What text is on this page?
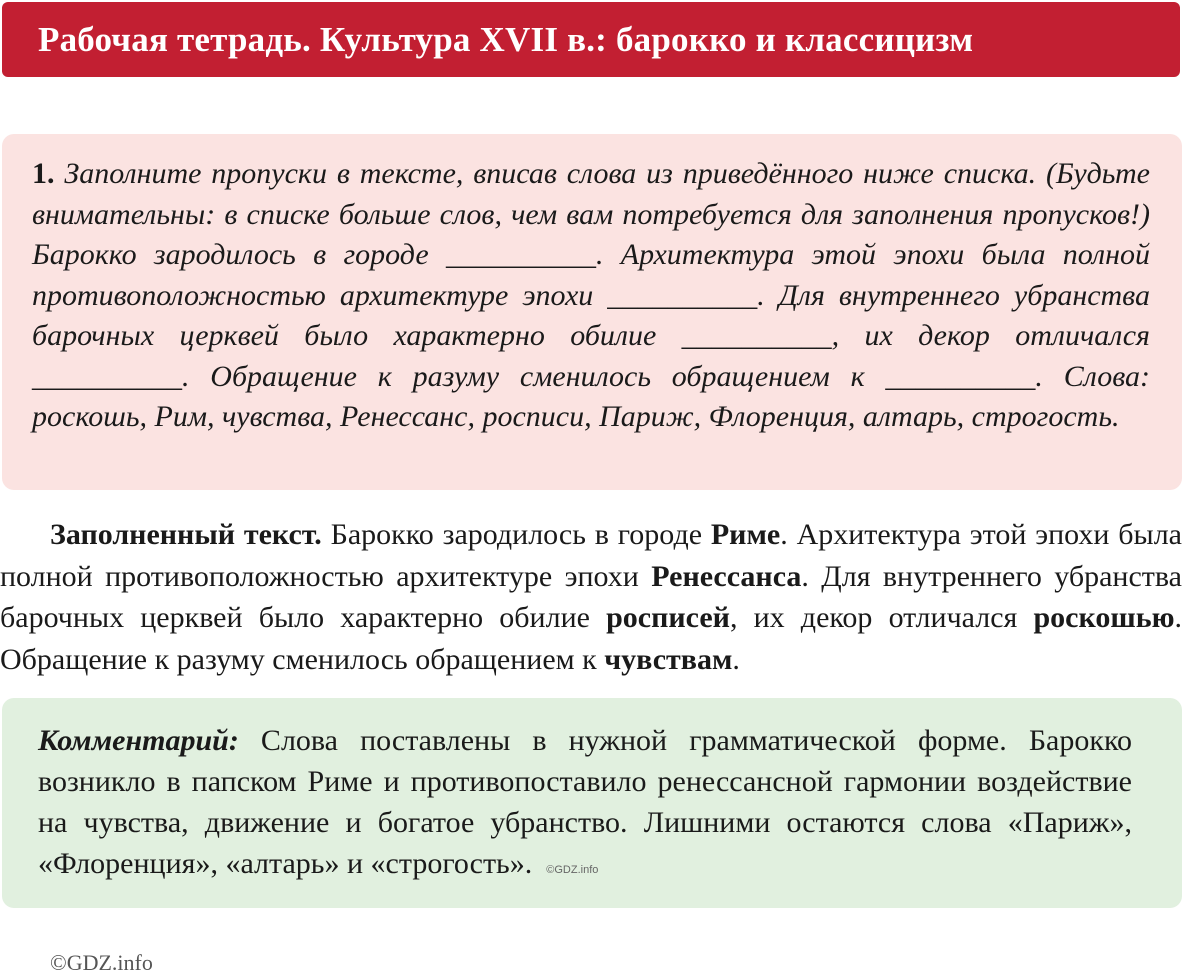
Рабочая тетрадь. Культура XVII в.: барокко и классицизм

1. Заполните пропуски в тексте, вписав слова из приведённого ниже списка. (Будьте внимательны: в списке больше слов, чем вам потребуется для заполнения пропусков!) Барокко зародилось в городе __________. Архитектура этой эпохи была полной противоположностью архитектуре эпохи __________. Для внутреннего убранства барочных церквей было характерно обилие __________, их декор отличался __________. Обращение к разуму сменилось обращением к __________. Слова: роскошь, Рим, чувства, Ренессанс, росписи, Париж, Флоренция, алтарь, строгость.

Заполненный текст. Барокко зародилось в городе Риме. Архитектура этой эпохи была полной противоположностью архитектуре эпохи Ренессанса. Для внутреннего убранства барочных церквей было характерно обилие росписей, их декор отличался роскошью. Обращение к разуму сменилось обращением к чувствам.

Комментарий: Слова поставлены в нужной грамматической форме. Барокко возникло в папском Риме и противопоставило ренессансной гармонии воздействие на чувства, движение и богатое убранство. Лишними остаются слова «Париж», «Флоренция», «алтарь» и «строгость». ©GDZ.info

©GDZ.info
